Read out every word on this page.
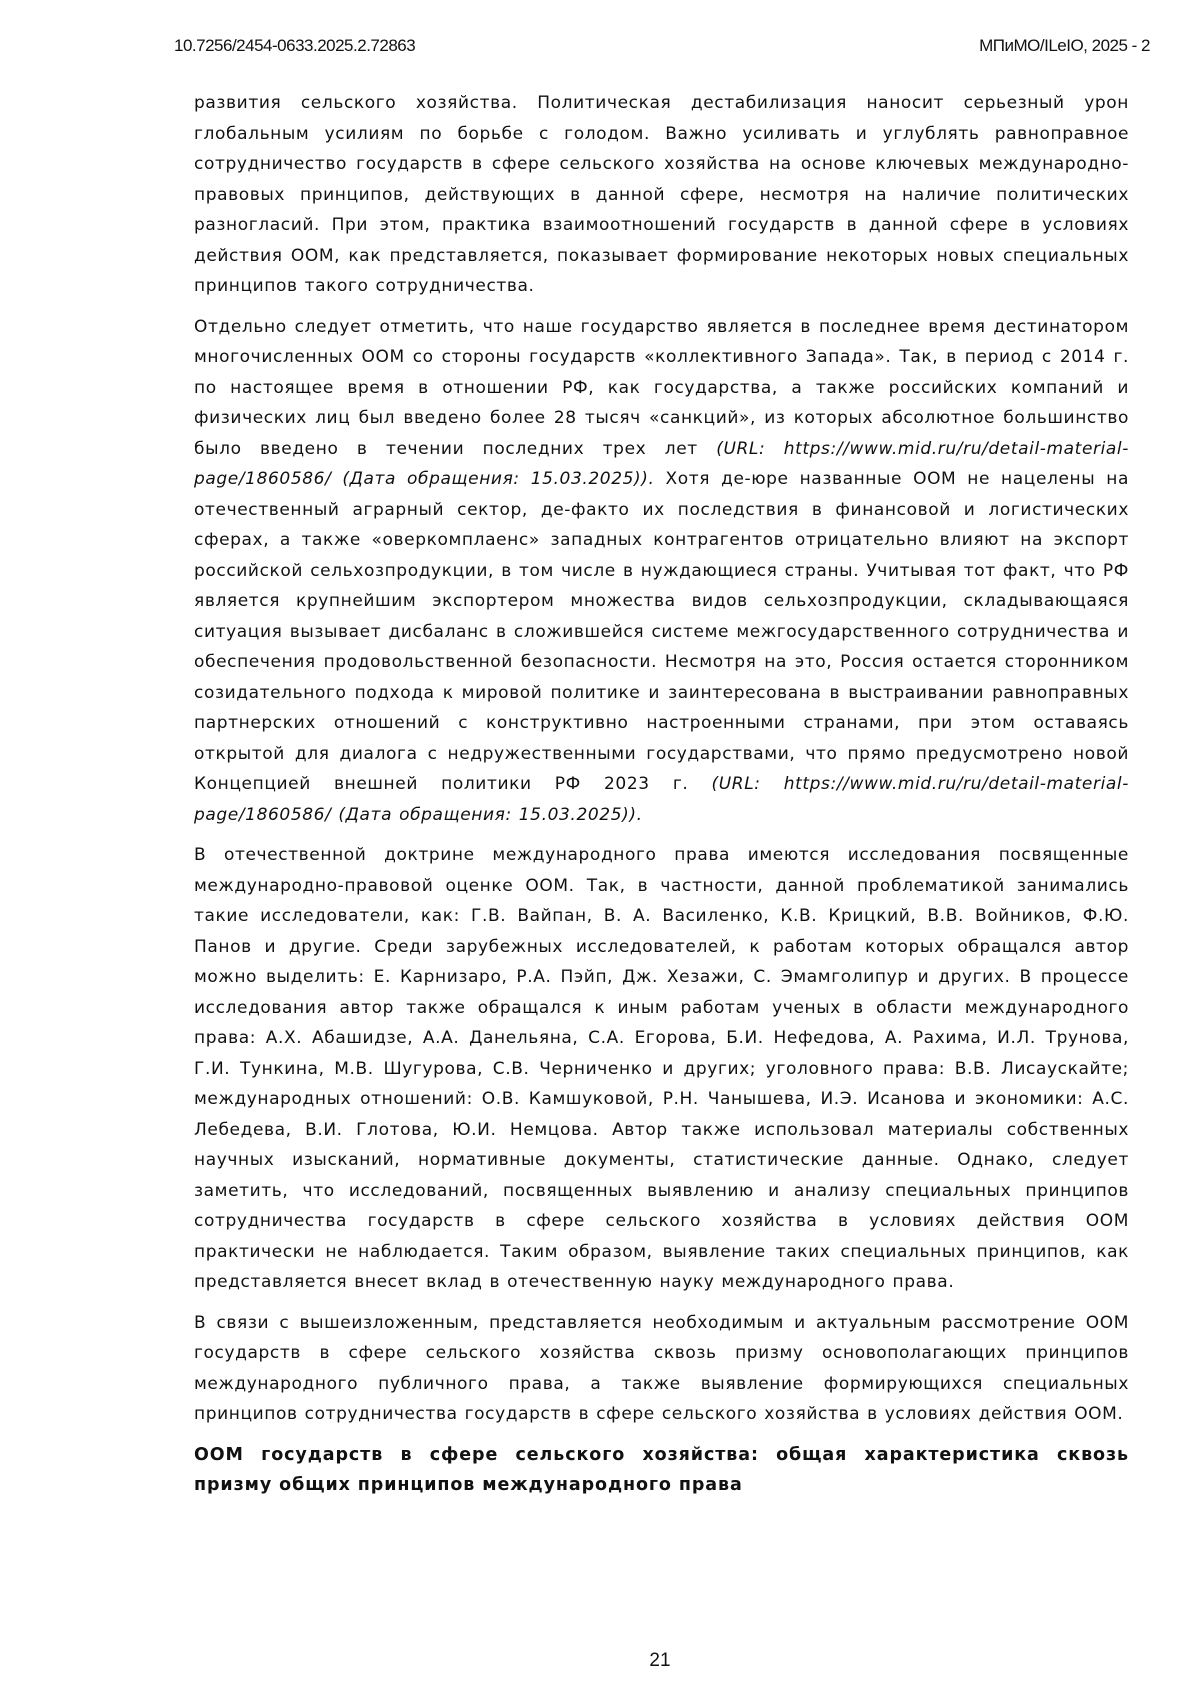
10.7256/2454-0633.2025.2.72863	МПиМО/ILeIO, 2025 - 2

развития сельского хозяйства. Политическая дестабилизация наносит серьезный урон глобальным усилиям по борьбе с голодом. Важно усиливать и углублять равноправное сотрудничество государств в сфере сельского хозяйства на основе ключевых международно-правовых принципов, действующих в данной сфере, несмотря на наличие политических разногласий. При этом, практика взаимоотношений государств в данной сфере в условиях действия ООМ, как представляется, показывает формирование некоторых новых специальных принципов такого сотрудничества.

Отдельно следует отметить, что наше государство является в последнее время дестинатором многочисленных ООМ со стороны государств «коллективного Запада». Так, в период с 2014 г. по настоящее время в отношении РФ, как государства, а также российских компаний и физических лиц был введено более 28 тысяч «санкций», из которых абсолютное большинство было введено в течении последних трех лет (URL: https://www.mid.ru/ru/detail-material-page/1860586/ (Дата обращения: 15.03.2025)). Хотя де-юре названные ООМ не нацелены на отечественный аграрный сектор, де-факто их последствия в финансовой и логистических сферах, а также «оверкомплаенс» западных контрагентов отрицательно влияют на экспорт российской сельхозпродукции, в том числе в нуждающиеся страны. Учитывая тот факт, что РФ является крупнейшим экспортером множества видов сельхозпродукции, складывающаяся ситуация вызывает дисбаланс в сложившейся системе межгосударственного сотрудничества и обеспечения продовольственной безопасности. Несмотря на это, Россия остается сторонником созидательного подхода к мировой политике и заинтересована в выстраивании равноправных партнерских отношений с конструктивно настроенными странами, при этом оставаясь открытой для диалога с недружественными государствами, что прямо предусмотрено новой Концепцией внешней политики РФ 2023 г. (URL: https://www.mid.ru/ru/detail-material-page/1860586/ (Дата обращения: 15.03.2025)).

В отечественной доктрине международного права имеются исследования посвященные международно-правовой оценке ООМ. Так, в частности, данной проблематикой занимались такие исследователи, как: Г.В. Вайпан, В. А. Василенко, К.В. Крицкий, В.В. Войников, Ф.Ю. Панов и другие. Среди зарубежных исследователей, к работам которых обращался автор можно выделить: Е. Карнизаро, Р.А. Пэйп, Дж. Хезажи, С. Эмамголипур и других. В процессе исследования автор также обращался к иным работам ученых в области международного права: А.Х. Абашидзе, А.А. Данельяна, С.А. Егорова, Б.И. Нефедова, А. Рахима, И.Л. Трунова, Г.И. Тункина, М.В. Шугурова, С.В. Черниченко и других; уголовного права: В.В. Лисаускайте; международных отношений: О.В. Камшуковой, Р.Н. Чанышева, И.Э. Исанова и экономики: А.С. Лебедева, В.И. Глотова, Ю.И. Немцова. Автор также использовал материалы собственных научных изысканий, нормативные документы, статистические данные. Однако, следует заметить, что исследований, посвященных выявлению и анализу специальных принципов сотрудничества государств в сфере сельского хозяйства в условиях действия ООМ практически не наблюдается. Таким образом, выявление таких специальных принципов, как представляется внесет вклад в отечественную науку международного права.

В связи с вышеизложенным, представляется необходимым и актуальным рассмотрение ООМ государств в сфере сельского хозяйства сквозь призму основополагающих принципов международного публичного права, а также выявление формирующихся специальных принципов сотрудничества государств в сфере сельского хозяйства в условиях действия ООМ.

ООМ государств в сфере сельского хозяйства: общая характеристика сквозь призму общих принципов международного права
21
